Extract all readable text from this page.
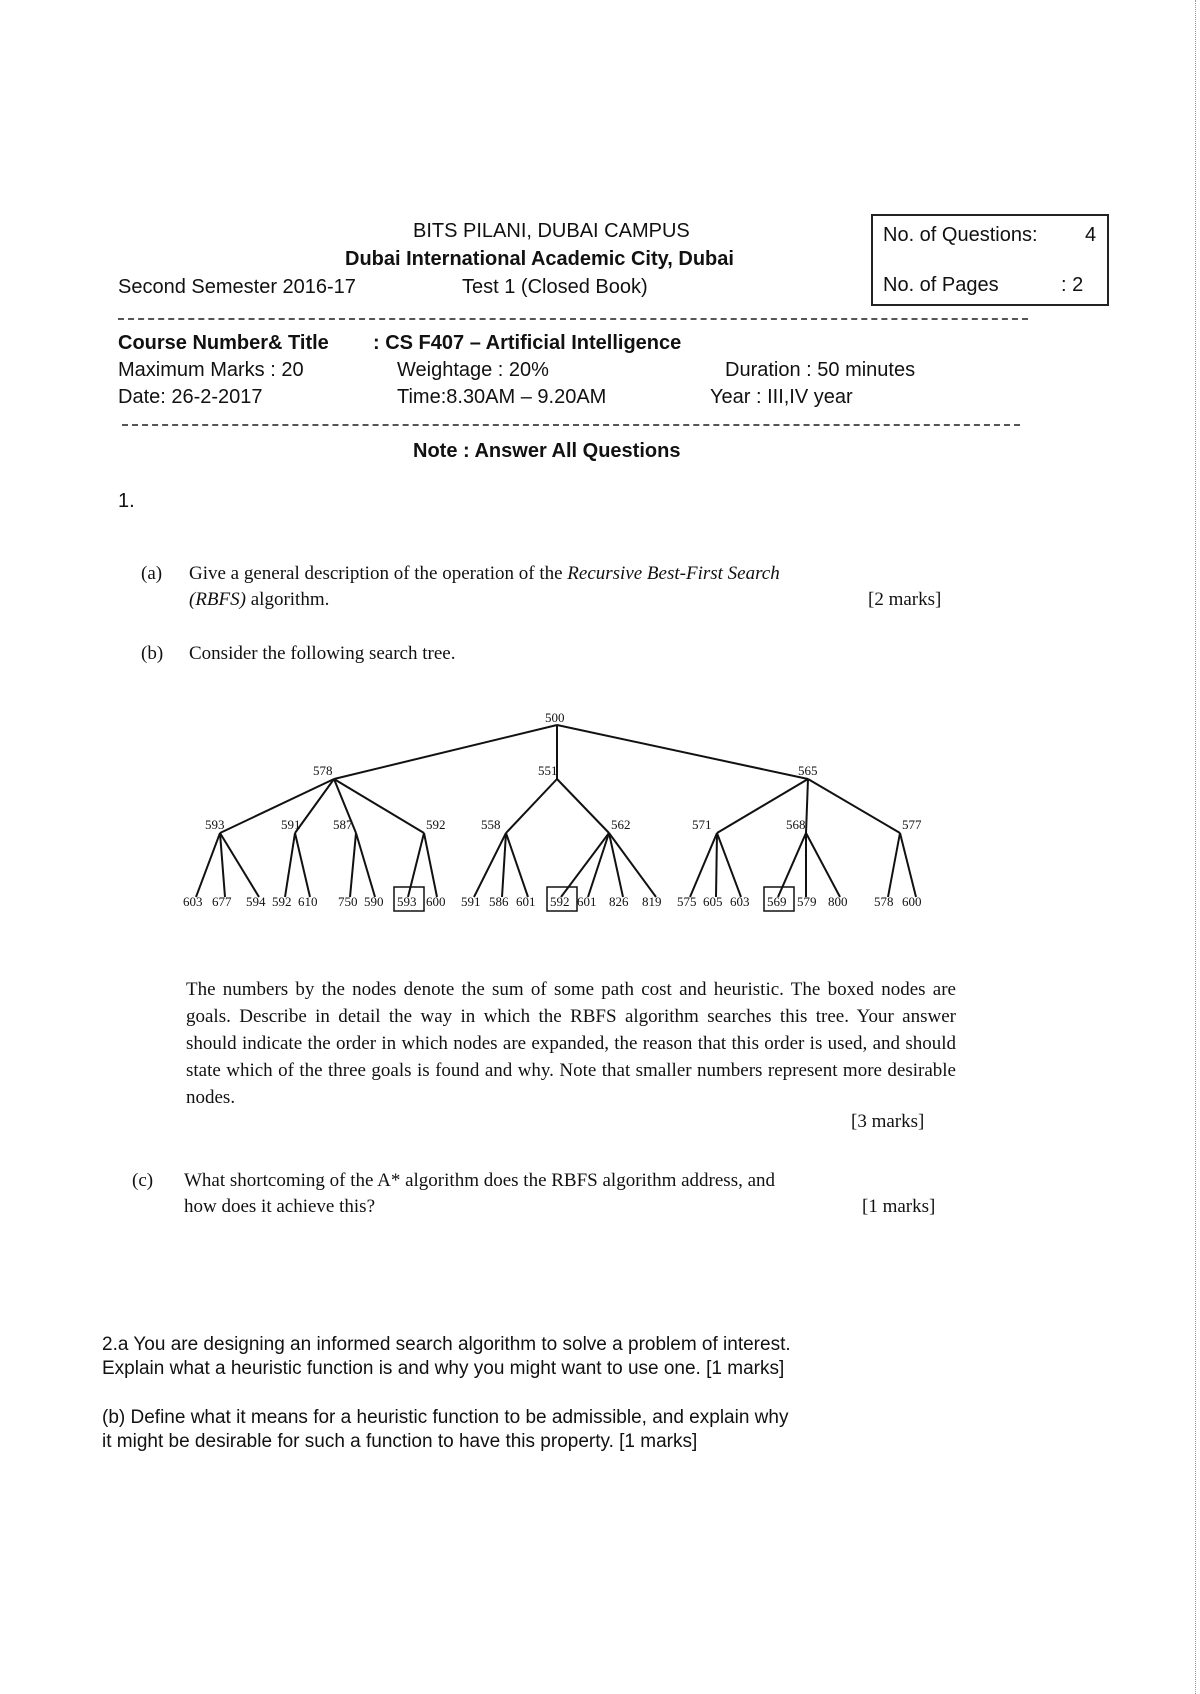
BITS PILANI, DUBAI CAMPUS
Dubai International Academic City, Dubai
Second Semester 2016-17	Test 1 (Closed Book)
No. of Questions: 4
No. of Pages	: 2
Course Number& Title : CS F407 – Artificial Intelligence
Maximum Marks : 20	Weightage : 20%	Duration : 50 minutes
Date: 26-2-2017	Time:8.30AM – 9.20AM	Year : III,IV year
Note : Answer All Questions
1.
(a) Give a general description of the operation of the Recursive Best-First Search
(RBFS) algorithm.	[2 marks]
(b) Consider the following search tree.
500
578	551	565
593	591	587	592	558	562	571	568	577
603 677 594 592 610 750 590 593 600 591 586 601 592 601 826 819 575 605 603 569 579 800 578 600
The numbers by the nodes denote the sum of some path cost and heuristic. The boxed nodes are goals. Describe in detail the way in which the RBFS algorithm searches this tree. Your answer should indicate the order in which nodes are expanded, the reason that this order is used, and should state which of the three goals is found and why. Note that smaller numbers represent more desirable nodes.
[3 marks]
(c) What shortcoming of the A* algorithm does the RBFS algorithm address, and
how does it achieve this?	[1 marks]
2.a You are designing an informed search algorithm to solve a problem of interest.
Explain what a heuristic function is and why you might want to use one. [1 marks]
(b) Define what it means for a heuristic function to be admissible, and explain why
it might be desirable for such a function to have this property. [1 marks]
